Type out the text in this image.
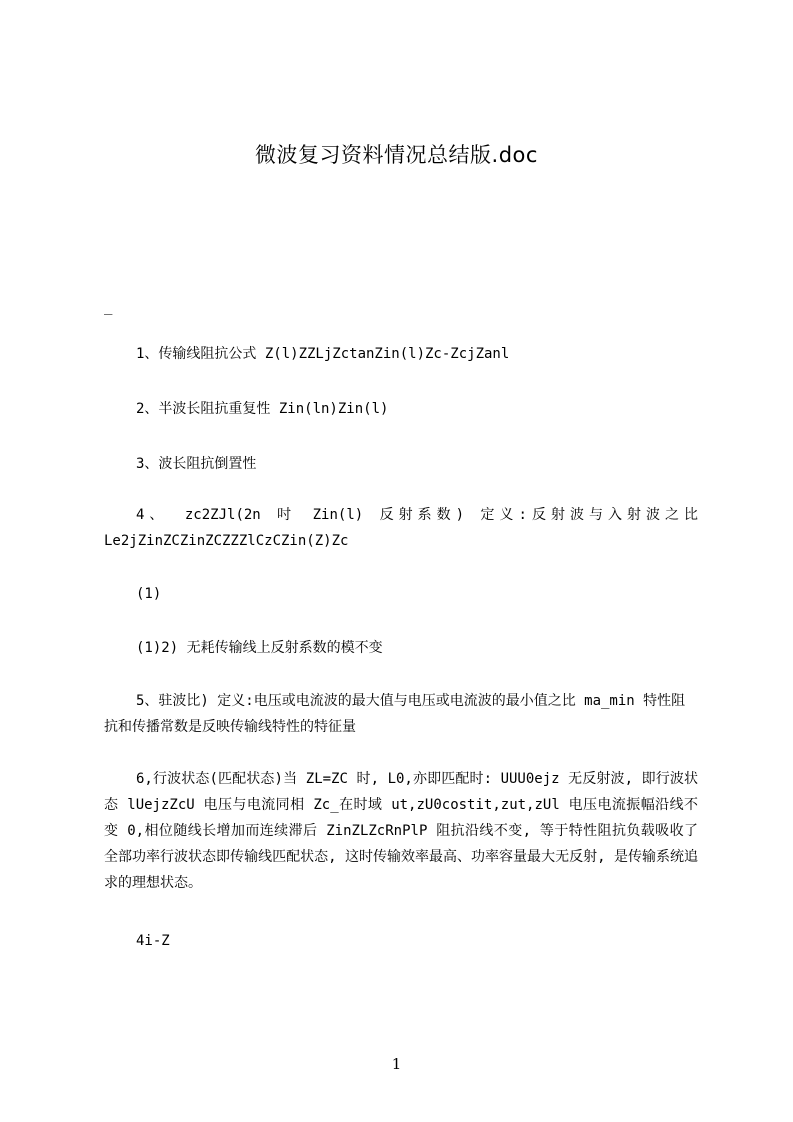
微波复习资料情况总结版.doc

_

1、传输线阻抗公式 Z(l)ZZLjZctanZin(l)Zc-ZcjZanl

2、半波长阻抗重复性 Zin(ln)Zin(l)

3、波长阻抗倒置性

4、 zc2ZJl(2n 吋 Zin(l) 反射系数) 定义:反射波与入射波之比 Le2jZinZCZinZCZZZlCzCZin(Z)Zc

(1)

(1)2) 无耗传输线上反射系数的模不变

5、驻波比) 定义:电压或电流波的最大值与电压或电流波的最小值之比 ma_min 特性阻抗和传播常数是反映传输线特性的特征量

6,行波状态(匹配状态)当 ZL=ZC 时, L0,亦即匹配时: UUU0ejz 无反射波, 即行波状态 lUejzZcU 电压与电流同相 Zc_在时域 ut,zU0costit,zut,zUl 电压电流振幅沿线不变 0,相位随线长增加而连续滞后 ZinZLZcRnPlP 阻抗沿线不变, 等于特性阻抗负载吸收了全部功率行波状态即传输线匹配状态, 这时传输效率最高、功率容量最大无反射, 是传输系统追求的理想状态。

4i-Z

1
